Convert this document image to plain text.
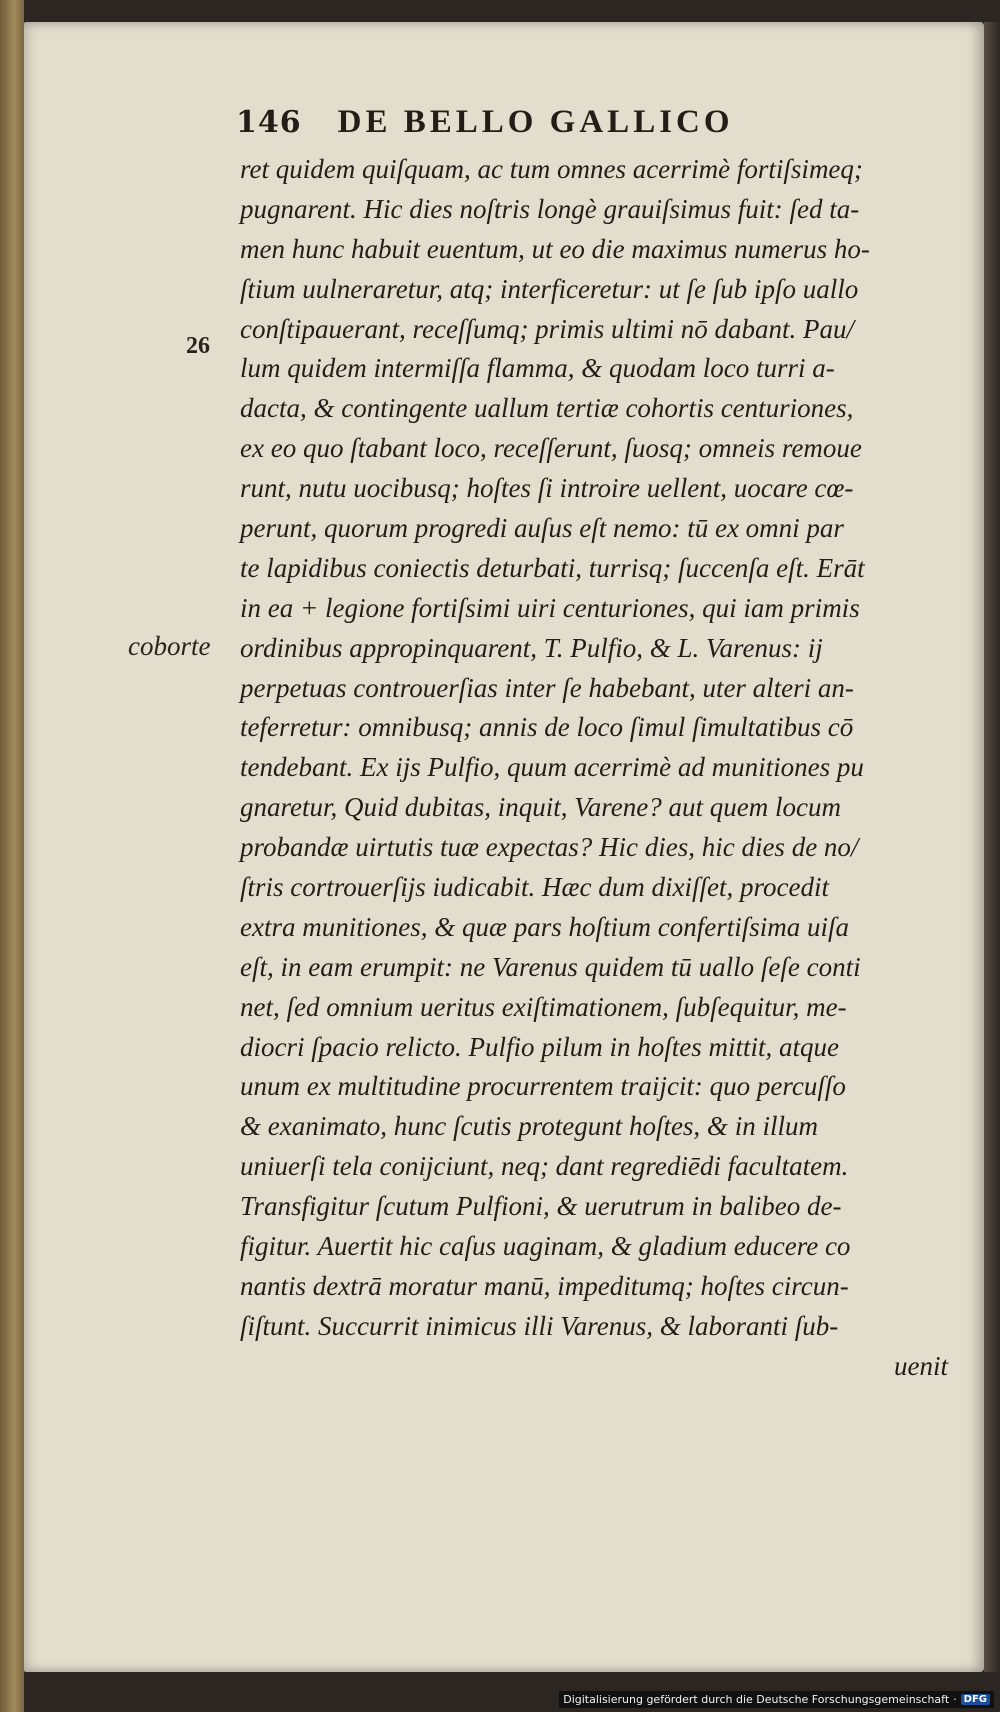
146 DE BELLO GALLICO
26
coborte
ret quidem quiſquam, ac tum omnes acerrimè fortiſsimeq;
pugnarent. Hic dies noſtris longè grauiſsimus fuit: ſed ta-
men hunc habuit euentum, ut eo die maximus numerus ho-
ſtium uulneraretur, atq; interficeretur: ut ſe ſub ipſo uallo
conſtipauerant, receſſumq; primis ultimi nō dabant. Pau/
lum quidem intermiſſa flamma, & quodam loco turri a-
dacta, & contingente uallum tertiæ cohortis centuriones,
ex eo quo ſtabant loco, receſſerunt, ſuosq; omneis remoue
runt, nutu uocibusq; hoſtes ſi introire uellent, uocare cœ-
perunt, quorum progredi auſus eſt nemo: tū ex omni par
te lapidibus coniectis deturbati, turrisq; ſuccenſa eſt. Erāt
in ea + legione fortiſsimi uiri centuriones, qui iam primis
ordinibus appropinquarent, T. Pulfio, & L. Varenus: ij
perpetuas controuerſias inter ſe habebant, uter alteri an-
teferretur: omnibusq; annis de loco ſimul ſimultatibus cō
tendebant. Ex ijs Pulfio, quum acerrimè ad munitiones pu
gnaretur, Quid dubitas, inquit, Varene? aut quem locum
probandæ uirtutis tuæ expectas? Hic dies, hic dies de no/
ſtris cortrouerſijs iudicabit. Hæc dum dixiſſet, procedit
extra munitiones, & quæ pars hoſtium confertiſsima uiſa
eſt, in eam erumpit: ne Varenus quidem tū uallo ſeſe conti
net, ſed omnium ueritus exiſtimationem, ſubſequitur, me-
diocri ſpacio relicto. Pulfio pilum in hoſtes mittit, atque
unum ex multitudine procurrentem traijcit: quo percuſſo
& exanimato, hunc ſcutis protegunt hoſtes, & in illum
uniuerſi tela conijciunt, neq; dant regrediēdi facultatem.
Transfigitur ſcutum Pulfioni, & uerutrum in balibeo de-
figitur. Auertit hic caſus uaginam, & gladium educere co
nantis dextrā moratur manū, impeditumq; hoſtes circun-
ſiſtunt. Succurrit inimicus illi Varenus, & laboranti ſub-
uenit
Digitalisierung gefördert durch die Deutsche Forschungsgemeinschaft · DFG
